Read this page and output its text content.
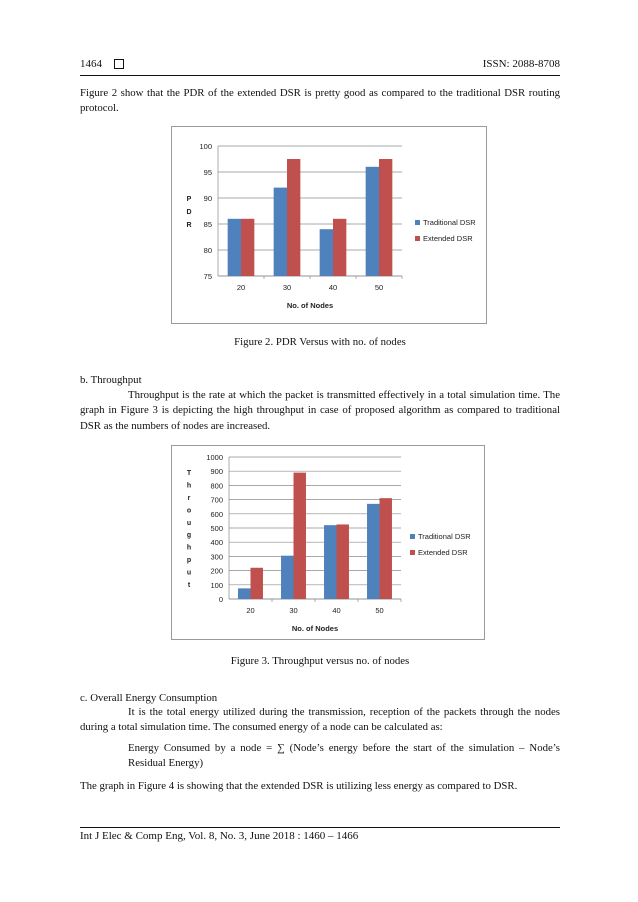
1464	ISSN: 2088-8708
Figure 2 show that the PDR of the extended DSR is pretty good as compared to the traditional DSR routing protocol.
75
80
85
90
95
100
20	30	40	50
No. of Nodes
P
D
R	Traditional DSR
Extended DSR
Figure 2. PDR Versus with no. of nodes
b. Throughput
Throughput is the rate at which the packet is transmitted effectively in a total simulation time. The graph in Figure 3 is depicting the high throughput in case of proposed algorithm as compared to traditional DSR as the numbers of nodes are increased.
0
100
200
300
400
500
600
700
800
900
1000
20	30	40	50
No. of Nodes
T
h
r
o
u
g
h
p
u
t
Traditional DSR
Extended DSR
Figure 3. Throughput versus no. of nodes
c. Overall Energy Consumption
It is the total energy utilized during the transmission, reception of the packets through the nodes during a total simulation time. The consumed energy of a node can be calculated as:
Energy Consumed by a node = ∑ (Node’s energy before the start of the simulation – Node’s Residual Energy)
The graph in Figure 4 is showing that the extended DSR is utilizing less energy as compared to DSR.
Int J Elec & Comp Eng, Vol. 8, No. 3, June 2018 : 1460 – 1466
